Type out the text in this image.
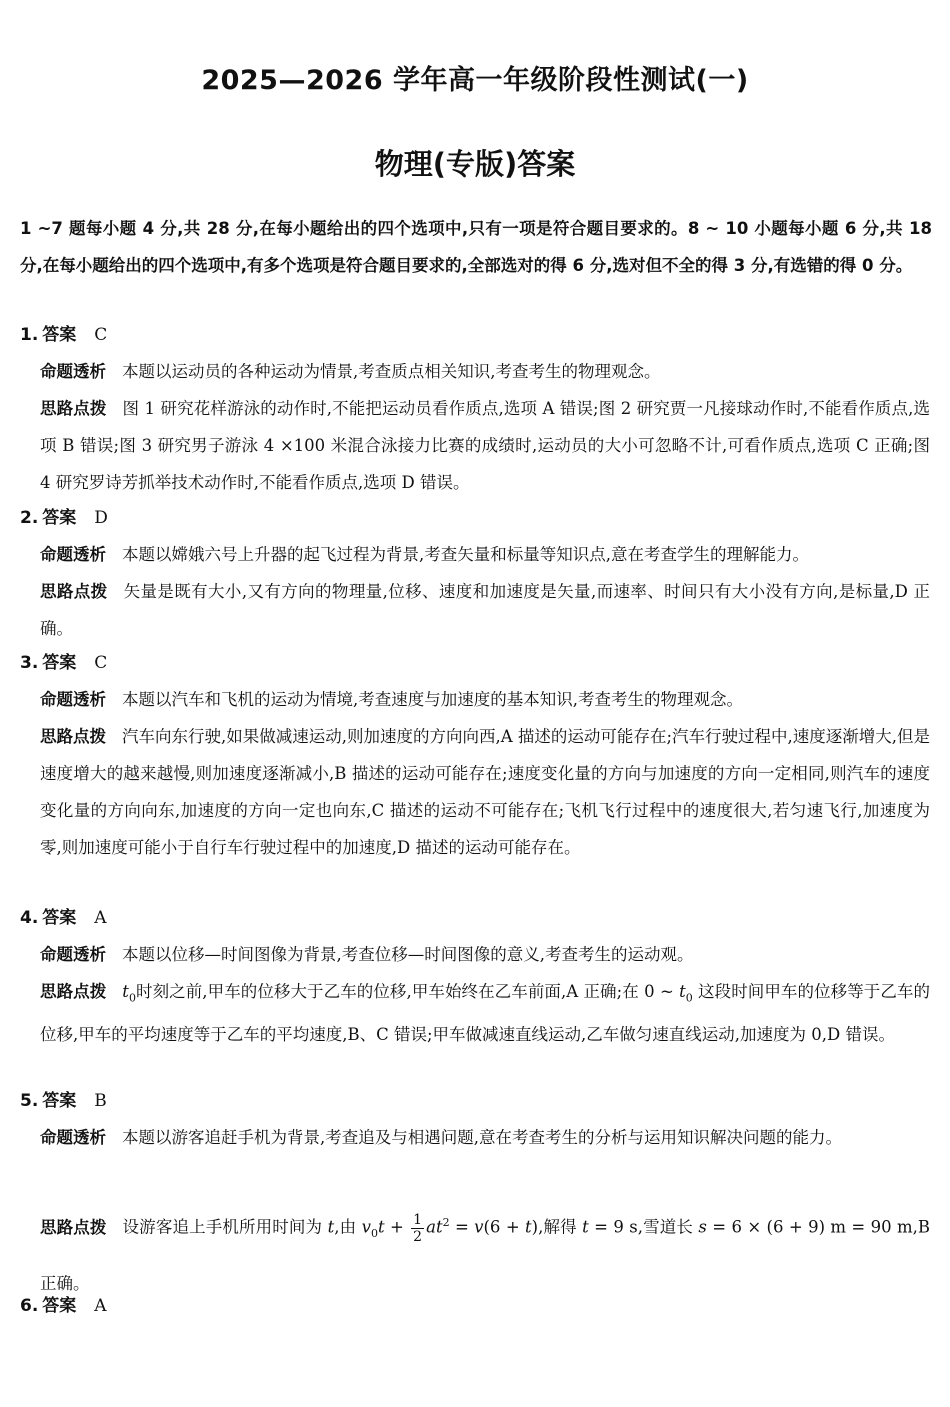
2025—2026 学年高一年级阶段性测试(一)
物理(专版)答案

1 ~7 题每小题 4 分,共 28 分,在每小题给出的四个选项中,只有一项是符合题目要求的。8 ~ 10 小题每小题 6 分,共 18 分,在每小题给出的四个选项中,有多个选项是符合题目要求的,全部选对的得 6 分,选对但不全的得 3 分,有选错的得 0 分。

1. 答案 C
命题透析 本题以运动员的各种运动为情景,考查质点相关知识,考查考生的物理观念。
思路点拨 图 1 研究花样游泳的动作时,不能把运动员看作质点,选项 A 错误;图 2 研究贾一凡接球动作时,不能看作质点,选项 B 错误;图 3 研究男子游泳 4 ×100 米混合泳接力比赛的成绩时,运动员的大小可忽略不计,可看作质点,选项 C 正确;图 4 研究罗诗芳抓举技术动作时,不能看作质点,选项 D 错误。
2. 答案 D
命题透析 本题以嫦娥六号上升器的起飞过程为背景,考查矢量和标量等知识点,意在考查学生的理解能力。
思路点拨 矢量是既有大小,又有方向的物理量,位移、速度和加速度是矢量,而速率、时间只有大小没有方向,是标量,D 正确。
3. 答案 C
命题透析 本题以汽车和飞机的运动为情境,考查速度与加速度的基本知识,考查考生的物理观念。
思路点拨 汽车向东行驶,如果做减速运动,则加速度的方向向西,A 描述的运动可能存在;汽车行驶过程中,速度逐渐增大,但是速度增大的越来越慢,则加速度逐渐减小,B 描述的运动可能存在;速度变化量的方向与加速度的方向一定相同,则汽车的速度变化量的方向向东,加速度的方向一定也向东,C 描述的运动不可能存在;飞机飞行过程中的速度很大,若匀速飞行,加速度为零,则加速度可能小于自行车行驶过程中的加速度,D 描述的运动可能存在。
4. 答案 A
命题透析 本题以位移—时间图像为背景,考查位移—时间图像的意义,考查考生的运动观。
思路点拨 $t_0$时刻之前,甲车的位移大于乙车的位移,甲车始终在乙车前面,A 正确;在 0 ~ $t_0$ 这段时间甲车的位移等于乙车的位移,甲车的平均速度等于乙车的平均速度,B、C 错误;甲车做减速直线运动,乙车做匀速直线运动,加速度为 0,D 错误。
5. 答案 B
命题透析 本题以游客追赶手机为背景,考查追及与相遇问题,意在考查考生的分析与运用知识解决问题的能力。
思路点拨 设游客追上手机所用时间为 t,由 $v_0t + \frac{1}{2} at^2 = v(6 + t)$,解得 t = 9 s,雪道长 s = 6 × (6 + 9) m = 90 m,B 正确。
6. 答案 A
